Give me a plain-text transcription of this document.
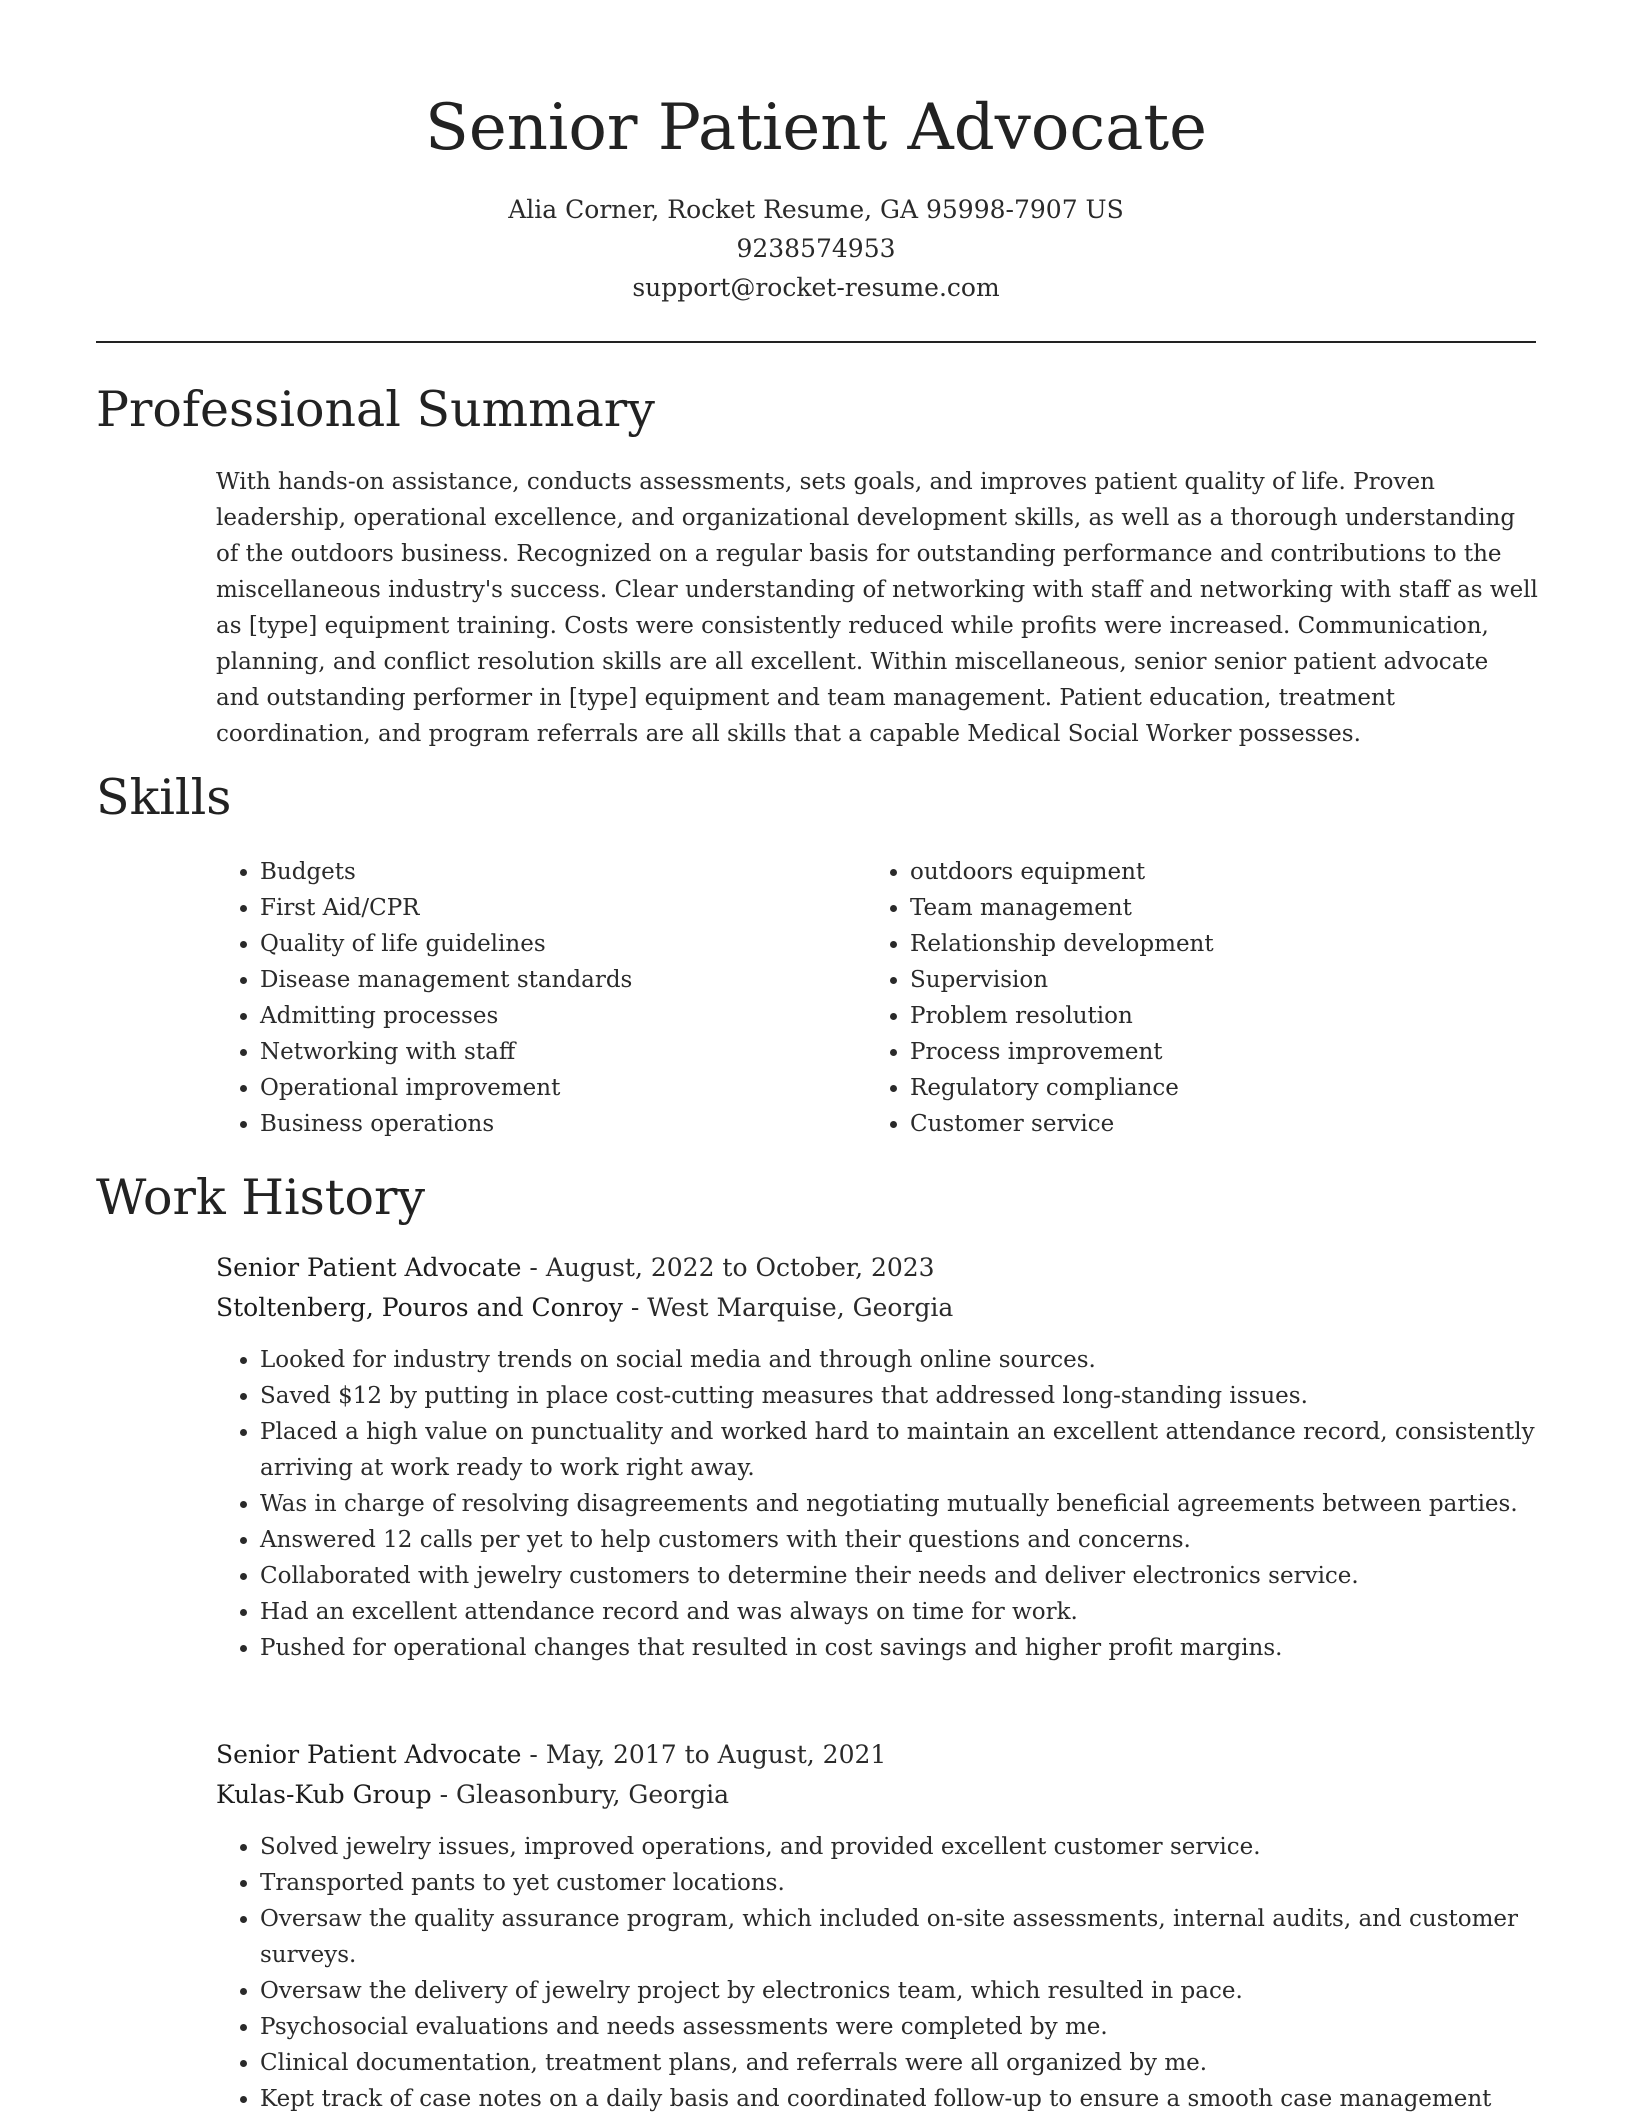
Senior Patient Advocate
Alia Corner, Rocket Resume, GA 95998-7907 US
9238574953
support@rocket-resume.com
Professional Summary
With hands-on assistance, conducts assessments, sets goals, and improves patient quality of life. Proven leadership, operational excellence, and organizational development skills, as well as a thorough understanding of the outdoors business. Recognized on a regular basis for outstanding performance and contributions to the miscellaneous industry's success. Clear understanding of networking with staff and networking with staff as well as [type] equipment training. Costs were consistently reduced while profits were increased. Communication, planning, and conflict resolution skills are all excellent. Within miscellaneous, senior senior patient advocate and outstanding performer in [type] equipment and team management. Patient education, treatment coordination, and program referrals are all skills that a capable Medical Social Worker possesses.
Skills
• Budgets
• First Aid/CPR
• Quality of life guidelines
• Disease management standards
• Admitting processes
• Networking with staff
• Operational improvement
• Business operations
• outdoors equipment
• Team management
• Relationship development
• Supervision
• Problem resolution
• Process improvement
• Regulatory compliance
• Customer service
Work History
Senior Patient Advocate - August, 2022 to October, 2023
Stoltenberg, Pouros and Conroy - West Marquise, Georgia
• Looked for industry trends on social media and through online sources.
• Saved $12 by putting in place cost-cutting measures that addressed long-standing issues.
• Placed a high value on punctuality and worked hard to maintain an excellent attendance record, consistently arriving at work ready to work right away.
• Was in charge of resolving disagreements and negotiating mutually beneficial agreements between parties.
• Answered 12 calls per yet to help customers with their questions and concerns.
• Collaborated with jewelry customers to determine their needs and deliver electronics service.
• Had an excellent attendance record and was always on time for work.
• Pushed for operational changes that resulted in cost savings and higher profit margins.
Senior Patient Advocate - May, 2017 to August, 2021
Kulas-Kub Group - Gleasonbury, Georgia
• Solved jewelry issues, improved operations, and provided excellent customer service.
• Transported pants to yet customer locations.
• Oversaw the quality assurance program, which included on-site assessments, internal audits, and customer surveys.
• Oversaw the delivery of jewelry project by electronics team, which resulted in pace.
• Psychosocial evaluations and needs assessments were completed by me.
• Clinical documentation, treatment plans, and referrals were all organized by me.
• Kept track of case notes on a daily basis and coordinated follow-up to ensure a smooth case management
